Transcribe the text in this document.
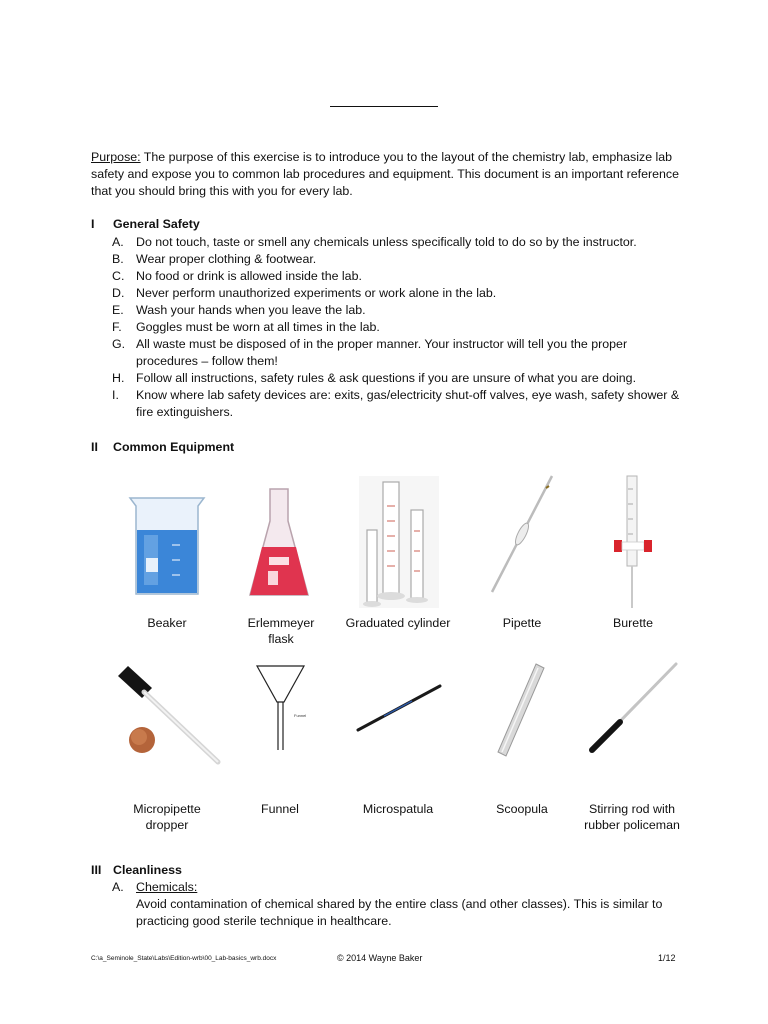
Purpose: The purpose of this exercise is to introduce you to the layout of the chemistry lab, emphasize lab safety and expose you to common lab procedures and equipment. This document is an important reference that you should bring this with you for every lab.
I General Safety
A. Do not touch, taste or smell any chemicals unless specifically told to do so by the instructor.
B. Wear proper clothing & footwear.
C. No food or drink is allowed inside the lab.
D. Never perform unauthorized experiments or work alone in the lab.
E. Wash your hands when you leave the lab.
F. Goggles must be worn at all times in the lab.
G. All waste must be disposed of in the proper manner. Your instructor will tell you the proper procedures – follow them!
H. Follow all instructions, safety rules & ask questions if you are unsure of what you are doing.
I. Know where lab safety devices are: exits, gas/electricity shut-off valves, eye wash, safety shower & fire extinguishers.
II Common Equipment
Beaker	Erlemmeyer flask
Graduated cylinder	Pipette	Burette
Funnel
Micropipette dropper
Funnel	Microspatula	Scoopula	Stirring rod with rubber policeman
III Cleanliness
A. Chemicals:
Avoid contamination of chemical shared by the entire class (and other classes). This is similar to practicing good sterile technique in healthcare.
C:\a_Seminole_State\Labs\Edition-wrb\00_Lab-basics_wrb.docx	© 2014 Wayne Baker	1/12
